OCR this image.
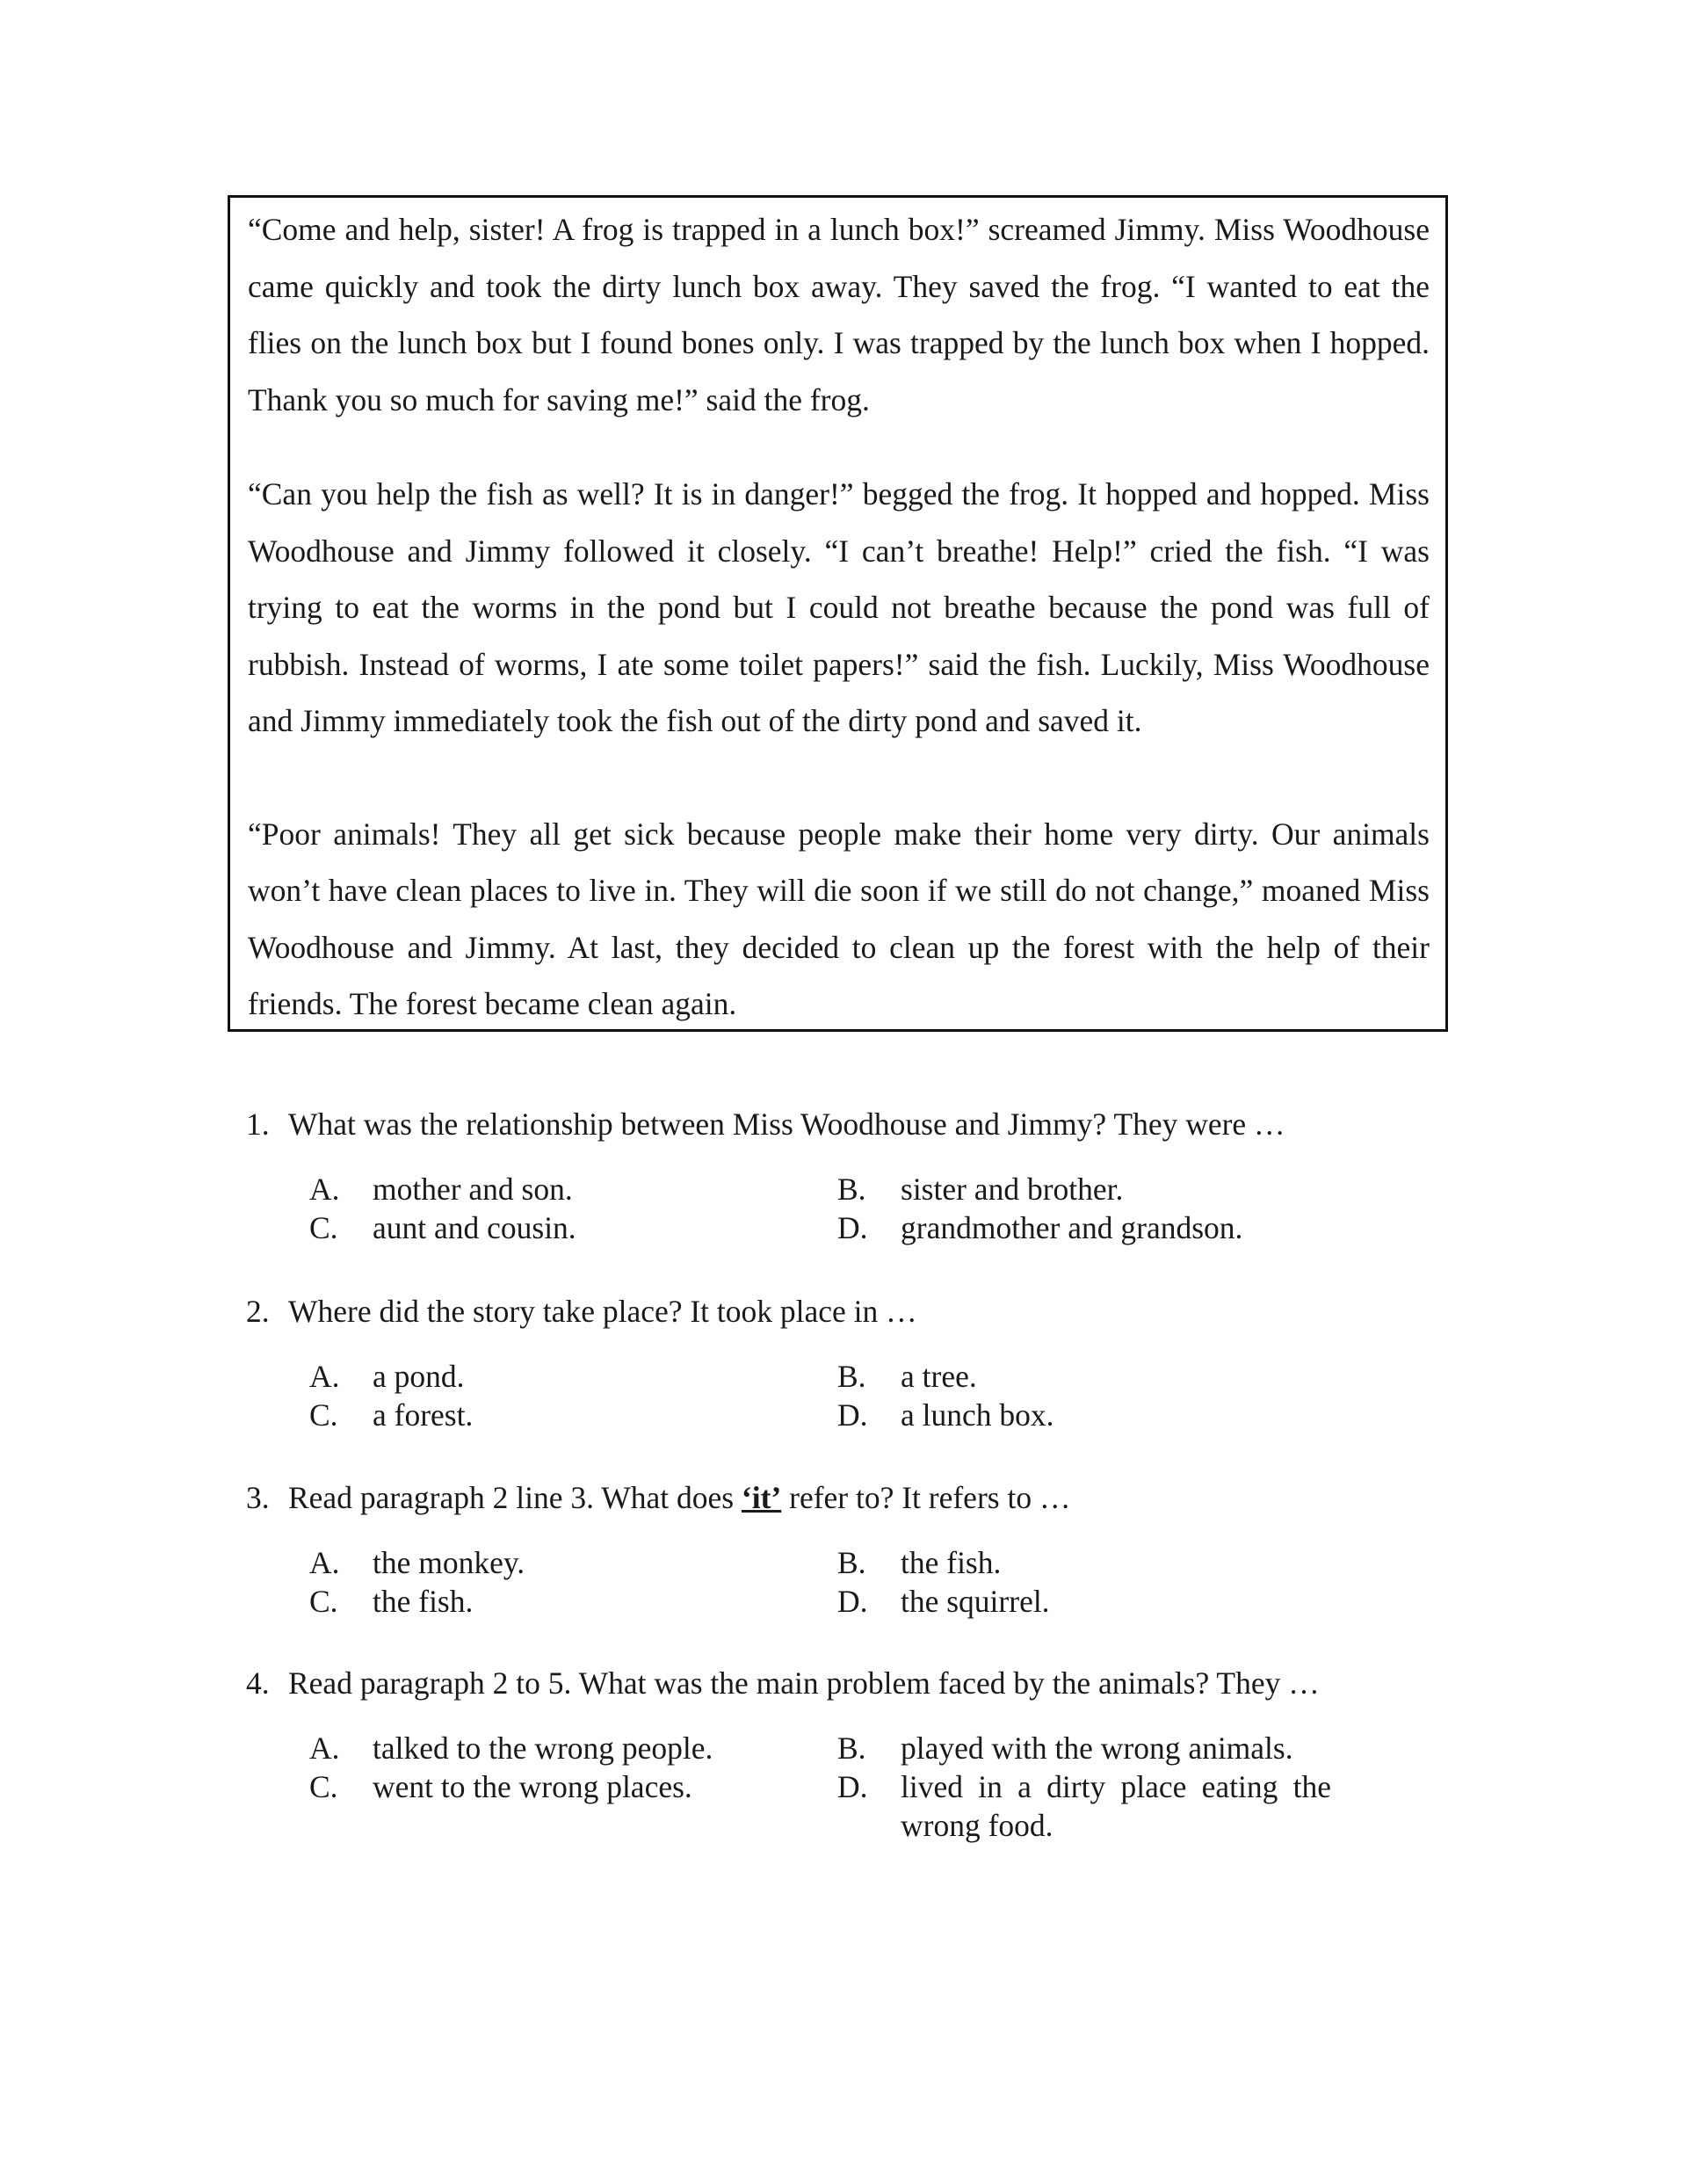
“Come and help, sister! A frog is trapped in a lunch box!” screamed Jimmy. Miss Woodhouse came quickly and took the dirty lunch box away. They saved the frog. “I wanted to eat the flies on the lunch box but I found bones only. I was trapped by the lunch box when I hopped. Thank you so much for saving me!” said the frog.

“Can you help the fish as well? It is in danger!” begged the frog. It hopped and hopped. Miss Woodhouse and Jimmy followed it closely. “I can’t breathe! Help!” cried the fish. “I was trying to eat the worms in the pond but I could not breathe because the pond was full of rubbish. Instead of worms, I ate some toilet papers!” said the fish. Luckily, Miss Woodhouse and Jimmy immediately took the fish out of the dirty pond and saved it.

“Poor animals! They all get sick because people make their home very dirty. Our animals won’t have clean places to live in. They will die soon if we still do not change,” moaned Miss Woodhouse and Jimmy. At last, they decided to clean up the forest with the help of their friends. The forest became clean again.

1. What was the relationship between Miss Woodhouse and Jimmy? They were …
A.	mother and son.	B.	sister and brother.
C.	aunt and cousin.	D.	grandmother and grandson.
2. Where did the story take place? It took place in …
A.	a pond.	B.	a tree.
C.	a forest.	D.	a lunch box.
3. Read paragraph 2 line 3. What does ‘it’ refer to? It refers to …
A.	the monkey.	B.	the fish.
C.	the fish.	D.	the squirrel.
4. Read paragraph 2 to 5. What was the main problem faced by the animals? They …
A.	talked to the wrong people.	B.	played with the wrong animals.
C.	went to the wrong places.	D.	lived in a dirty place eating the wrong food.
